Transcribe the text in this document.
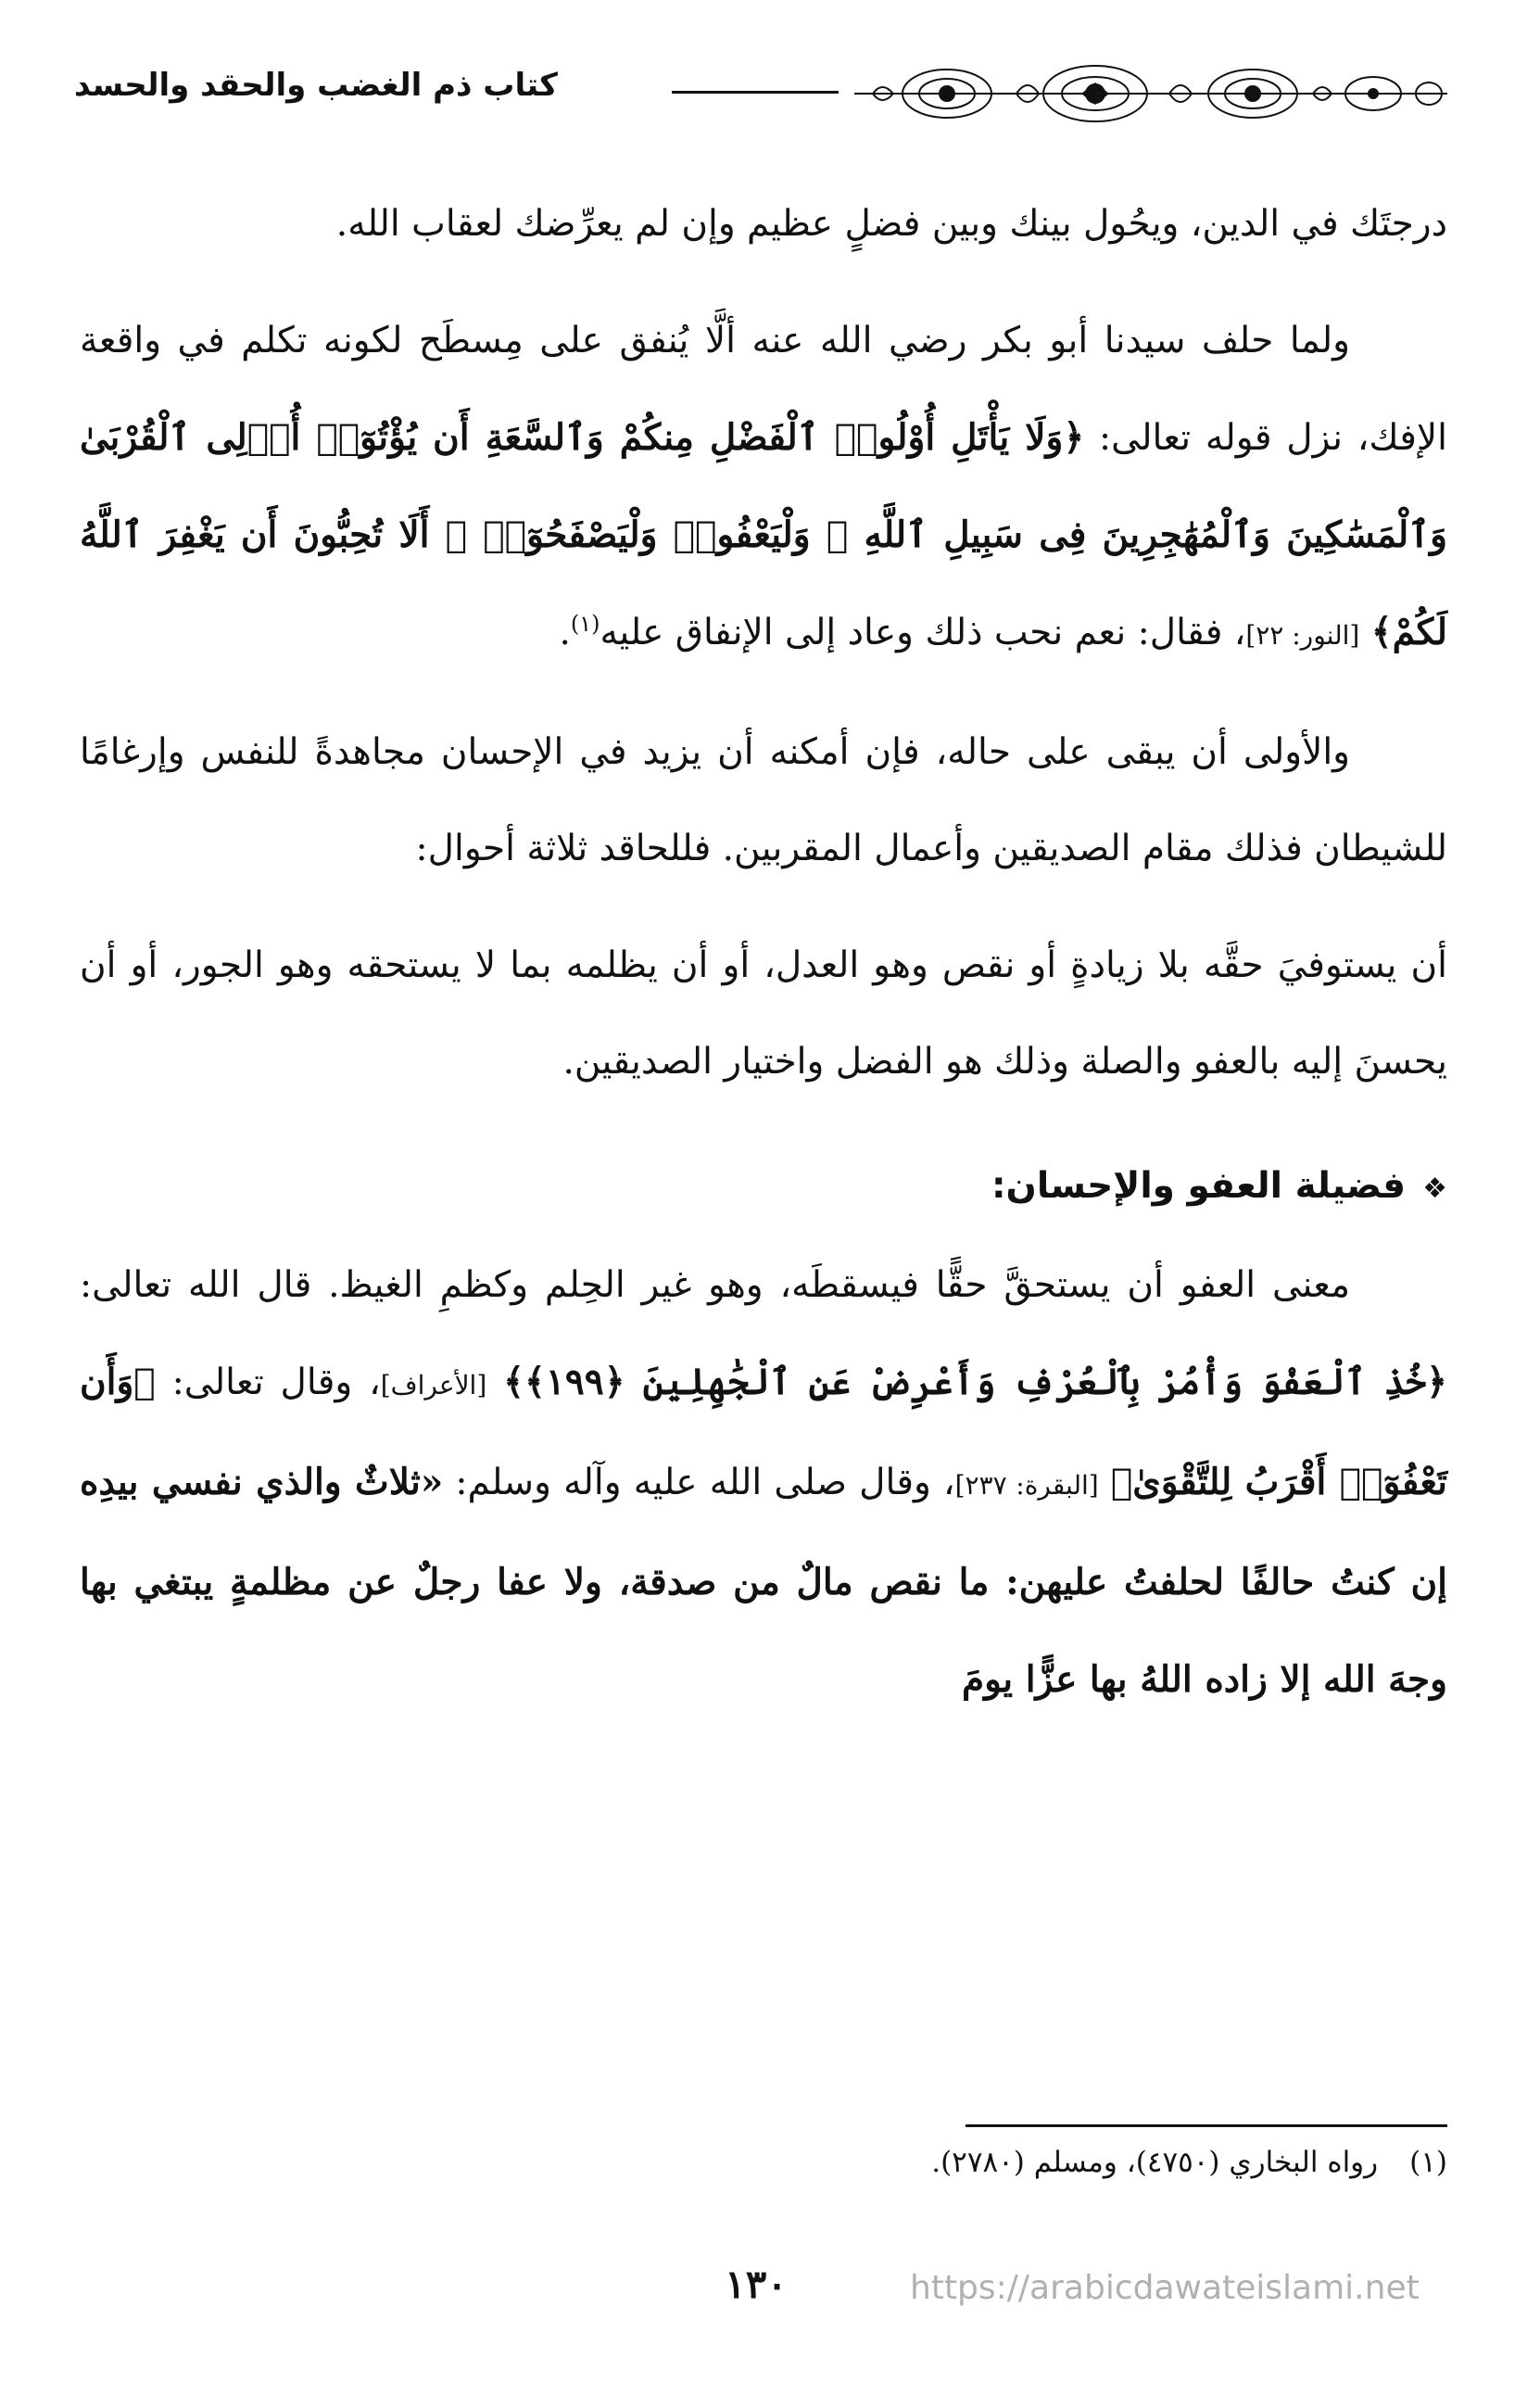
كتاب ذم الغضب والحقد والحسد

درجتَك في الدين، ويحُول بينك وبين فضلٍ عظيم وإن لم يعرِّضك لعقاب الله.

ولما حلف سيدنا أبو بكر رضي الله عنه ألَّا يُنفق على مِسطَح لكونه تكلم في واقعة الإفك، نزل قوله تعالى: ﴿وَلَا يَأْتَلِ أُوْلُوا۟ ٱلْفَضْلِ مِنكُمْ وَٱلسَّعَةِ أَن يُؤْتُوٓا۟ أُو۟لِى ٱلْقُرْبَىٰ وَٱلْمَسَٰكِينَ وَٱلْمُهَٰجِرِينَ فِى سَبِيلِ ٱللَّهِ ۖ وَلْيَعْفُوا۟ وَلْيَصْفَحُوٓا۟ ۗ أَلَا تُحِبُّونَ أَن يَغْفِرَ ٱللَّهُ لَكُمْ﴾ [النور: ٢٢]، فقال: نعم نحب ذلك وعاد إلى الإنفاق عليه$^{(١)}$.

والأولى أن يبقى على حاله، فإن أمكنه أن يزيد في الإحسان مجاهدةً للنفس وإرغامًا للشيطان فذلك مقام الصديقين وأعمال المقربين. فللحاقد ثلاثة أحوال:

أن يستوفيَ حقَّه بلا زيادةٍ أو نقص وهو العدل، أو أن يظلمه بما لا يستحقه وهو الجور، أو أن يحسنَ إليه بالعفو والصلة وذلك هو الفضل واختيار الصديقين.

❖فضيلة العفو والإحسان:

معنى العفو أن يستحقَّ حقًّا فيسقطَه، وهو غير الحِلم وكظمِ الغيظ. قال الله تعالى: ﴿خُذِ ٱلْعَفْوَ وَأْمُرْ بِٱلْعُرْفِ وَأَعْرِضْ عَنِ ٱلْجَٰهِلِينَ ﴿١٩٩﴾﴾ [الأعراف]، وقال تعالى: ﴿وَأَن تَعْفُوٓا۟ أَقْرَبُ لِلتَّقْوَىٰ﴾ [البقرة: ٢٣٧]، وقال صلى الله عليه وآله وسلم: «ثلاثٌ والذي نفسي بيدِه إن كنتُ حالفًا لحلفتُ عليهن: ما نقص مالٌ من صدقة، ولا عفا رجلٌ عن مظلمةٍ يبتغي بها وجهَ الله إلا زاده اللهُ بها عزًّا يومَ

(١)رواه البخاري (٤٧٥٠)، ومسلم (٢٧٨٠).
١٣٠	https://arabicdawateislami.net
